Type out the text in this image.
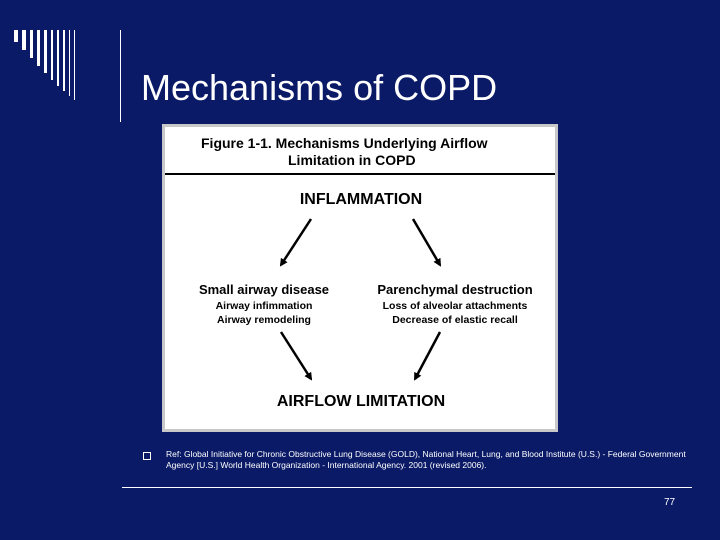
Mechanisms of COPD
Figure 1-1. Mechanisms Underlying Airflow
Limitation in COPD
INFLAMMATION
Small airway disease
Airway infimmation
Airway remodeling
Parenchymal destruction
Loss of alveolar attachments
Decrease of elastic recall
AIRFLOW LIMITATION
Ref: Global Initiative for Chronic Obstructive Lung Disease (GOLD), National Heart, Lung, and Blood Institute (U.S.) - Federal Government Agency [U.S.] World Health Organization - International Agency. 2001 (revised 2006).
77
